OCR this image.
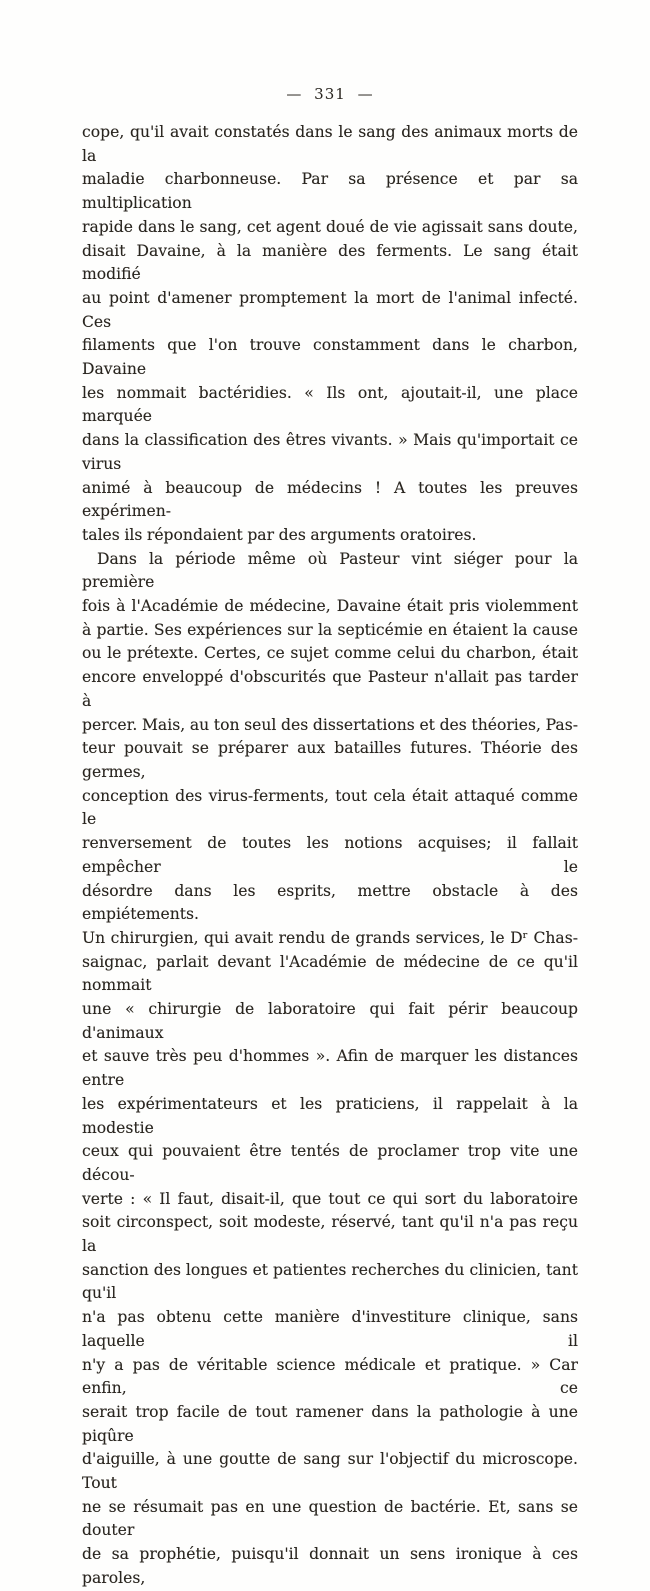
— 331 —

cope, qu'il avait constatés dans le sang des animaux morts de la

maladie charbonneuse. Par sa présence et par sa multiplication

rapide dans le sang, cet agent doué de vie agissait sans doute,

disait Davaine, à la manière des ferments. Le sang était modifié

au point d'amener promptement la mort de l'animal infecté. Ces

filaments que l'on trouve constamment dans le charbon, Davaine

les nommait bactéridies. « Ils ont, ajoutait-il, une place marquée

dans la classification des êtres vivants. » Mais qu'importait ce virus

animé à beaucoup de médecins ! A toutes les preuves expérimen-

tales ils répondaient par des arguments oratoires.

Dans la période même où Pasteur vint siéger pour la première

fois à l'Académie de médecine, Davaine était pris violemment

à partie. Ses expériences sur la septicémie en étaient la cause

ou le prétexte. Certes, ce sujet comme celui du charbon, était

encore enveloppé d'obscurités que Pasteur n'allait pas tarder à

percer. Mais, au ton seul des dissertations et des théories, Pas-

teur pouvait se préparer aux batailles futures. Théorie des germes,

conception des virus-ferments, tout cela était attaqué comme le

renversement de toutes les notions acquises; il fallait empêcher le

désordre dans les esprits, mettre obstacle à des empiétements.

Un chirurgien, qui avait rendu de grands services, le Dʳ Chas-

saignac, parlait devant l'Académie de médecine de ce qu'il nommait

une « chirurgie de laboratoire qui fait périr beaucoup d'animaux

et sauve très peu d'hommes ». Afin de marquer les distances entre

les expérimentateurs et les praticiens, il rappelait à la modestie

ceux qui pouvaient être tentés de proclamer trop vite une décou-

verte : « Il faut, disait-il, que tout ce qui sort du laboratoire

soit circonspect, soit modeste, réservé, tant qu'il n'a pas reçu la

sanction des longues et patientes recherches du clinicien, tant qu'il

n'a pas obtenu cette manière d'investiture clinique, sans laquelle il

n'y a pas de véritable science médicale et pratique. » Car enfin, ce

serait trop facile de tout ramener dans la pathologie à une piqûre

d'aiguille, à une goutte de sang sur l'objectif du microscope. Tout

ne se résumait pas en une question de bactérie. Et, sans se douter

de sa prophétie, puisqu'il donnait un sens ironique à ces paroles,
